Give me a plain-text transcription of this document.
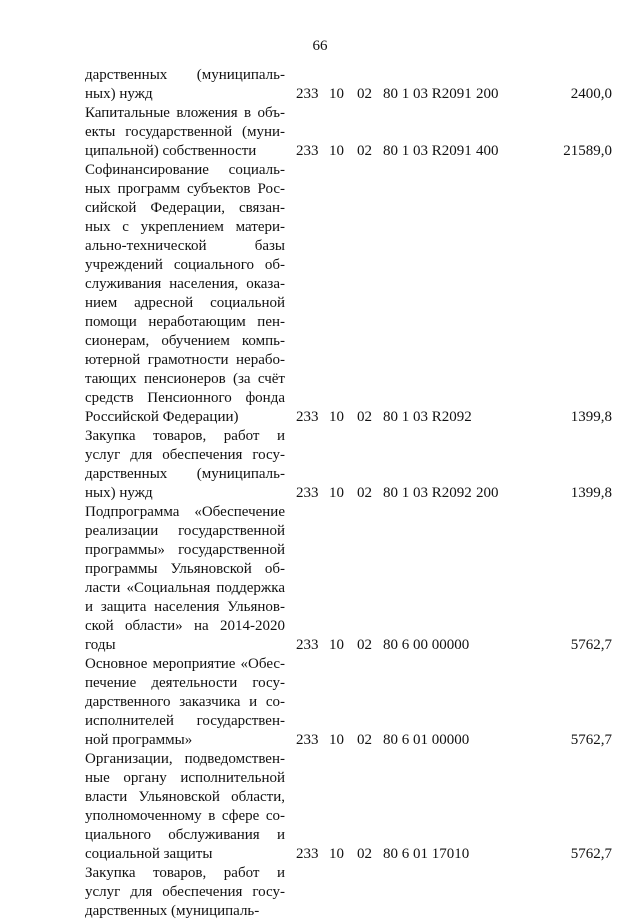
66
дарственных (муниципаль-
ных) нужд	233 10 02 80 1 03 R2091 200	2400,0
Капитальные вложения в объ-
екты государственной (муни-
ципальной) собственности	233 10 02 80 1 03 R2091 400	21589,0
Софинансирование социаль-
ных программ субъектов Рос-
сийской Федерации, связан-
ных с укреплением матери-
ально-технической базы
учреждений социального об-
служивания населения, оказа-
нием адресной социальной
помощи неработающим пен-
сионерам, обучением компь-
ютерной грамотности нерабо-
тающих пенсионеров (за счёт
средств Пенсионного фонда
Российской Федерации)	233 10 02 80 1 03 R2092	1399,8
Закупка товаров, работ и
услуг для обеспечения госу-
дарственных (муниципаль-
ных) нужд	233 10 02 80 1 03 R2092 200	1399,8
Подпрограмма «Обеспечение
реализации государственной
программы» государственной
программы Ульяновской об-
ласти «Социальная поддержка
и защита населения Ульянов-
ской области» на 2014-2020
годы	233 10 02 80 6 00 00000	5762,7
Основное мероприятие «Обес-
печение деятельности госу-
дарственного заказчика и со-
исполнителей государствен-
ной программы»	233 10 02 80 6 01 00000	5762,7
Организации, подведомствен-
ные органу исполнительной
власти Ульяновской области,
уполномоченному в сфере со-
циального обслуживания и
социальной защиты	233 10 02 80 6 01 17010	5762,7
Закупка товаров, работ и
услуг для обеспечения госу-
дарственных (муниципаль-
